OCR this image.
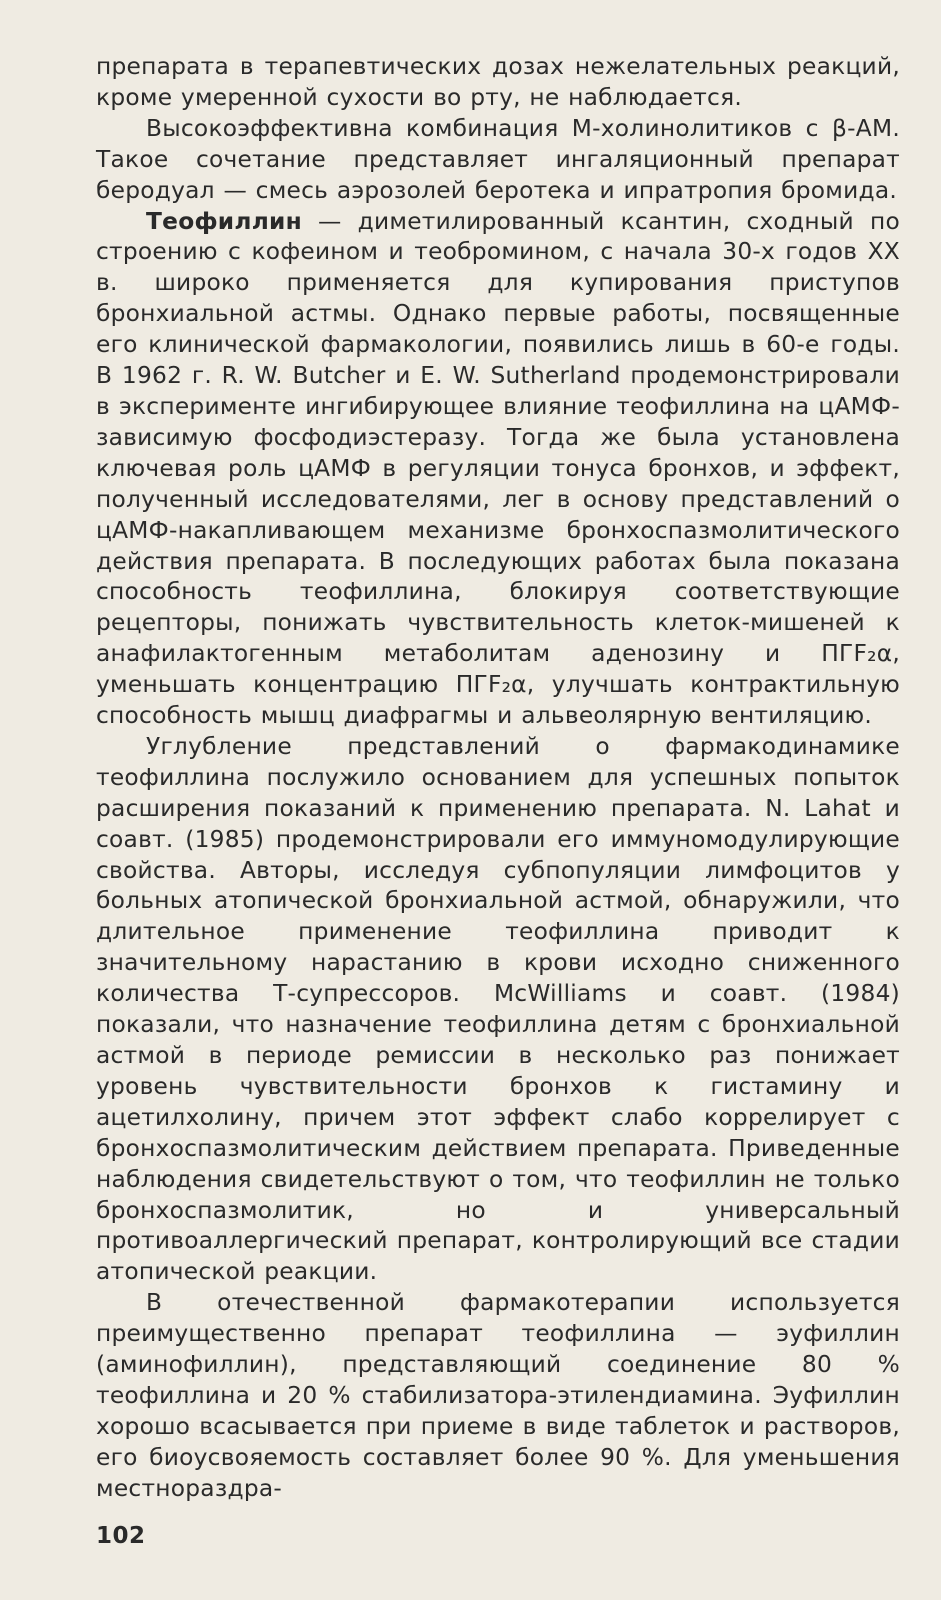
препарата в терапевтических дозах нежелательных реакций, кроме умеренной сухости во рту, не наблюдается.

Высокоэффективна комбинация М-холинолитиков с β-АМ. Такое сочетание представляет ингаляционный препарат беродуал — смесь аэрозолей беротека и ипратропия бромида.

Теофиллин — диметилированный ксантин, сходный по строению с кофеином и теобромином, с начала 30-х годов XX в. широко применяется для купирования приступов бронхиальной астмы. Однако первые работы, посвященные его клинической фармакологии, появились лишь в 60-е годы. В 1962 г. R. W. Butcher и E. W. Sutherland продемонстрировали в эксперименте ингибирующее влияние теофиллина на цАМФ-зависимую фосфодиэстеразу. Тогда же была установлена ключевая роль цАМФ в регуляции тонуса бронхов, и эффект, полученный исследователями, лег в основу представлений о цАМФ-накапливающем механизме бронхоспазмолитического действия препарата. В последующих работах была показана способность теофиллина, блокируя соответствующие рецепторы, понижать чувствительность клеток-мишеней к анафилактогенным метаболитам аденозину и ПГF₂α, уменьшать концентрацию ПГF₂α, улучшать контрактильную способность мышц диафрагмы и альвеолярную вентиляцию.

Углубление представлений о фармакодинамике теофиллина послужило основанием для успешных попыток расширения показаний к применению препарата. N. Lahat и соавт. (1985) продемонстрировали его иммуномодулирующие свойства. Авторы, исследуя субпопуляции лимфоцитов у больных атопической бронхиальной астмой, обнаружили, что длительное применение теофиллина приводит к значительному нарастанию в крови исходно сниженного количества Т-супрессоров. McWilliams и соавт. (1984) показали, что назначение теофиллина детям с бронхиальной астмой в периоде ремиссии в несколько раз понижает уровень чувствительности бронхов к гистамину и ацетилхолину, причем этот эффект слабо коррелирует с бронхоспазмолитическим действием препарата. Приведенные наблюдения свидетельствуют о том, что теофиллин не только бронхоспазмолитик, но и универсальный противоаллергический препарат, контролирующий все стадии атопической реакции.

В отечественной фармакотерапии используется преимущественно препарат теофиллина — эуфиллин (аминофиллин), представляющий соединение 80 % теофиллина и 20 % стабилизатора-этилендиамина. Эуфиллин хорошо всасывается при приеме в виде таблеток и растворов, его биоусвояемость составляет более 90 %. Для уменьшения местнораздра-

102
